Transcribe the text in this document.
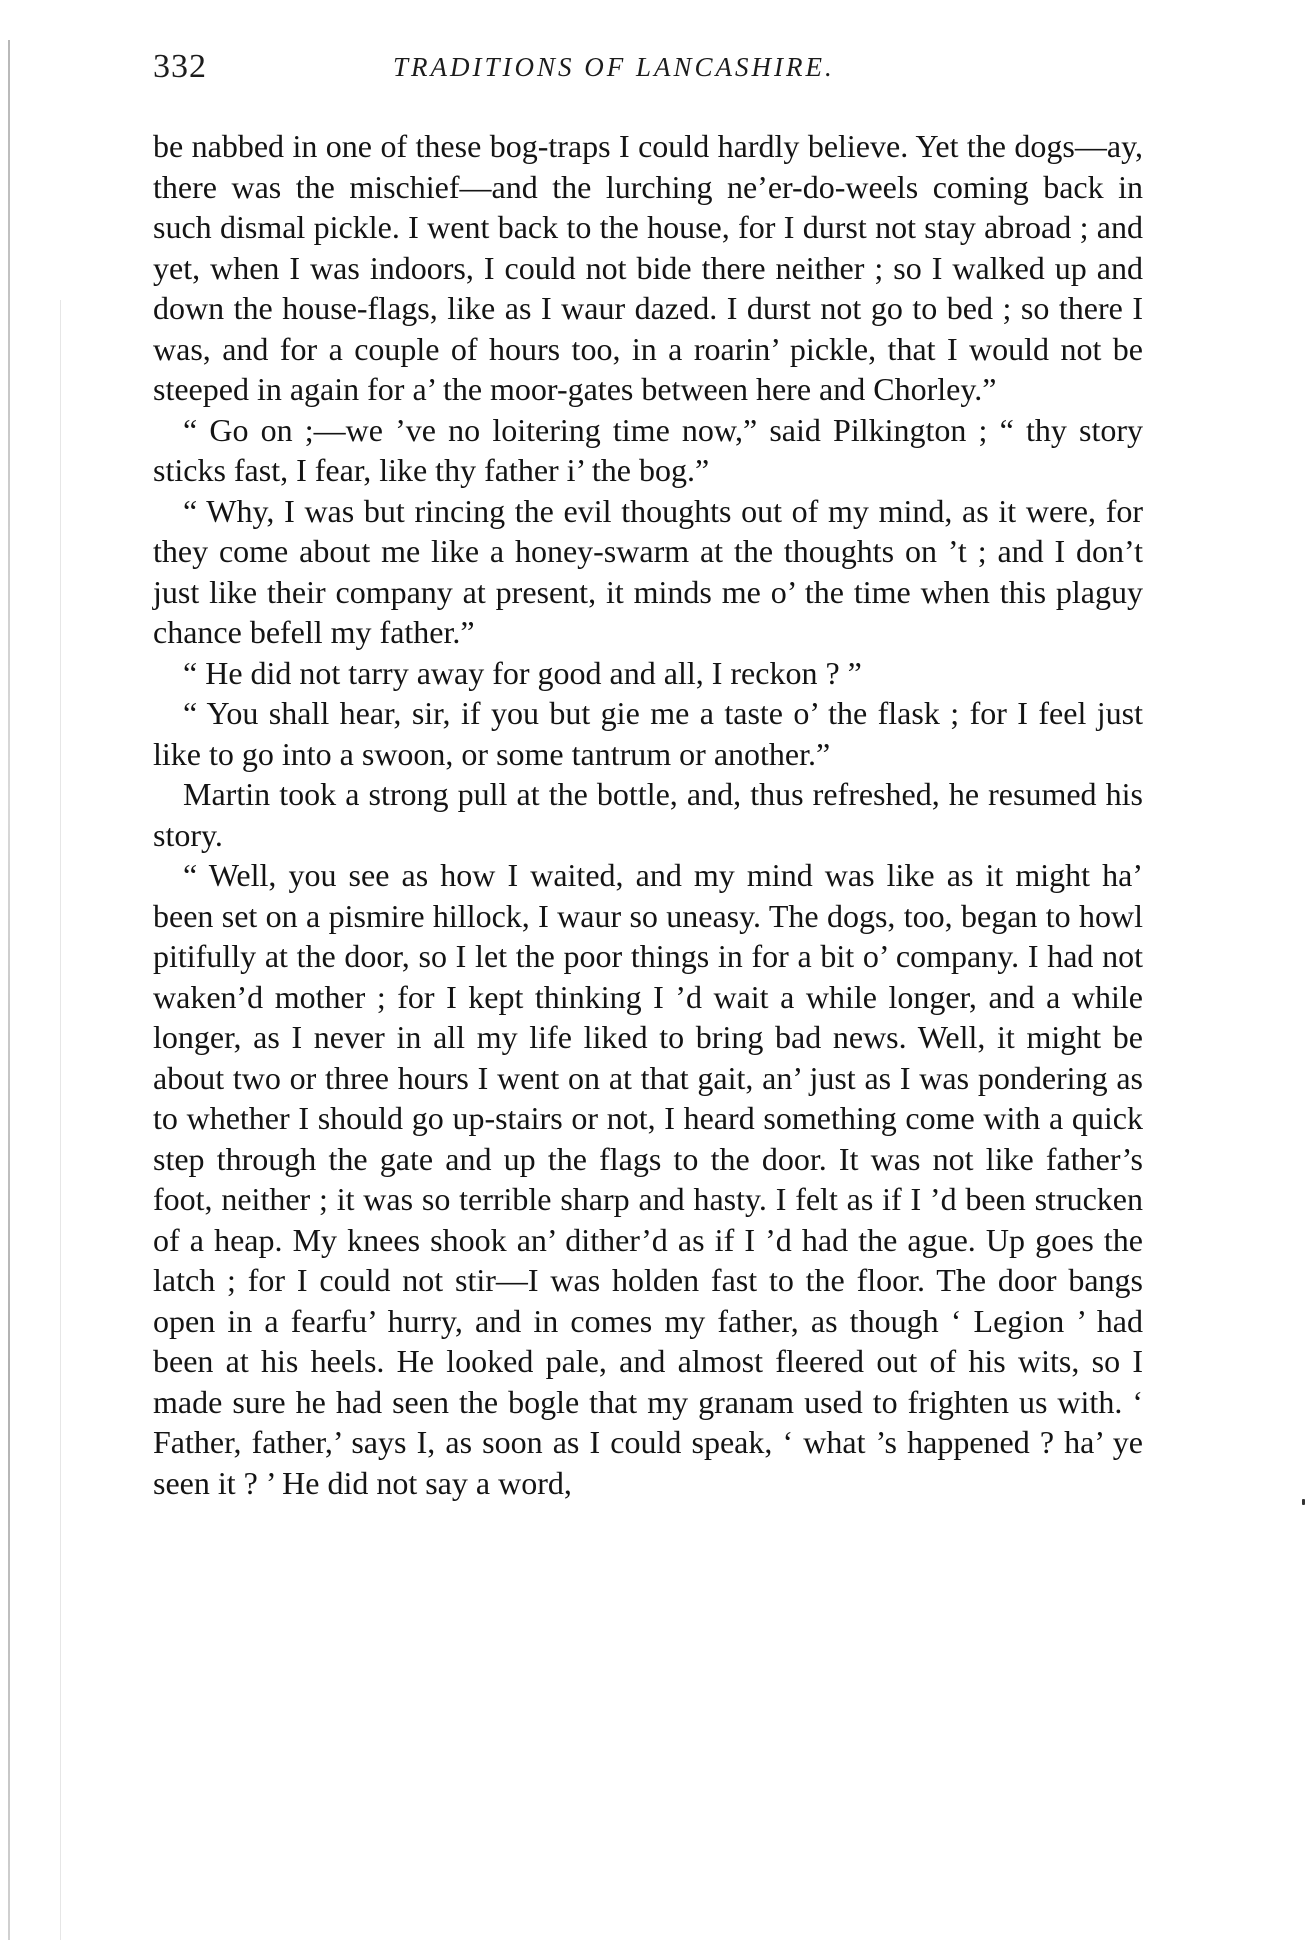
332	TRADITIONS OF LANCASHIRE.

be nabbed in one of these bog-traps I could hardly believe. Yet the dogs—ay, there was the mischief—and the lurching ne’er-do-weels coming back in such dismal pickle. I went back to the house, for I durst not stay abroad ; and yet, when I was indoors, I could not bide there neither ; so I walked up and down the house-flags, like as I waur dazed. I durst not go to bed ; so there I was, and for a couple of hours too, in a roarin’ pickle, that I would not be steeped in again for a’ the moor-gates between here and Chorley.”

“ Go on ;—we ’ve no loitering time now,” said Pilkington ; “ thy story sticks fast, I fear, like thy father i’ the bog.”

“ Why, I was but rincing the evil thoughts out of my mind, as it were, for they come about me like a honey-swarm at the thoughts on ’t ; and I don’t just like their company at present, it minds me o’ the time when this plaguy chance befell my father.”

“ He did not tarry away for good and all, I reckon ? ”

“ You shall hear, sir, if you but gie me a taste o’ the flask ; for I feel just like to go into a swoon, or some tantrum or another.”

Martin took a strong pull at the bottle, and, thus refreshed, he resumed his story.

“ Well, you see as how I waited, and my mind was like as it might ha’ been set on a pismire hillock, I waur so uneasy. The dogs, too, began to howl pitifully at the door, so I let the poor things in for a bit o’ company. I had not waken’d mother ; for I kept thinking I ’d wait a while longer, and a while longer, as I never in all my life liked to bring bad news. Well, it might be about two or three hours I went on at that gait, an’ just as I was pondering as to whether I should go up-stairs or not, I heard something come with a quick step through the gate and up the flags to the door. It was not like father’s foot, neither ; it was so terrible sharp and hasty. I felt as if I ’d been strucken of a heap. My knees shook an’ dither’d as if I ’d had the ague. Up goes the latch ; for I could not stir—I was holden fast to the floor. The door bangs open in a fearfu’ hurry, and in comes my father, as though ‘ Legion ’ had been at his heels. He looked pale, and almost fleered out of his wits, so I made sure he had seen the bogle that my granam used to frighten us with. ‘ Father, father,’ says I, as soon as I could speak, ‘ what ’s happened ? ha’ ye seen it ? ’ He did not say a word,
